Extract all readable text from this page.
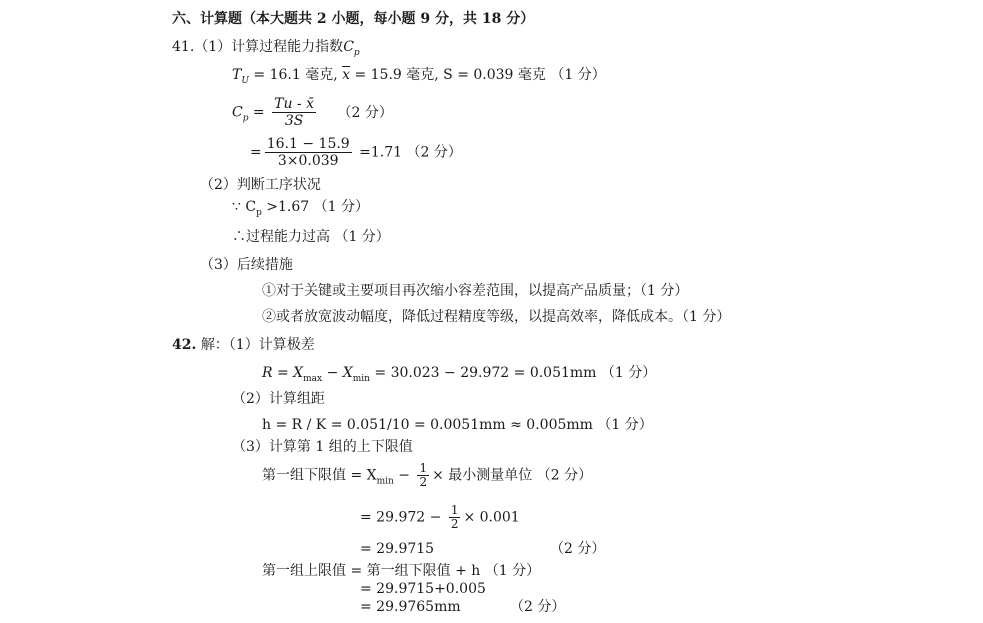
六、计算题（本大题共 2 小题，每小题 9 分，共 18 分）
41.（1）计算过程能力指数$C_p$
$T_U = 16.1$ 毫克, $\overline{x} = 15.9$ 毫克, S = 0.039 毫克 （1 分）
$C_p = \frac{Tu - x̄}{3S} (2$ 分）
= $\frac{16.1 - 15.9}{3\times 0.039} =1.71$ （2 分）
（2）判断工序状况
∵ $C_p >1.67$ （1 分）
∴过程能力过高 （1 分）
（3）后续措施
①对于关键或主要项目再次缩小容差范围，以提高产品质量；（1 分）
②或者放宽波动幅度，降低过程精度等级，以提高效率，降低成本。（1 分）
42. 解：（1）计算极差
$R = X_{max} - X_{min} = 30.023 - 29.972 = 0.051mm$ （1 分）
（2）计算组距
h = R / K = 0.051/10 = 0.0051mm ≈ 0.005mm （1 分）
（3）计算第 1 组的上下限值
第一组下限值 = $X_{min} - \frac{1}{2}$ × 最小测量单位 （2 分）
= $29.972 - \frac{1}{2} \times 0.001$
= 29.9715	（2 分）
第一组上限值 = 第一组下限值 + h （1 分）
= 29.9715+0.005
= 29.9765mm	（2 分）
